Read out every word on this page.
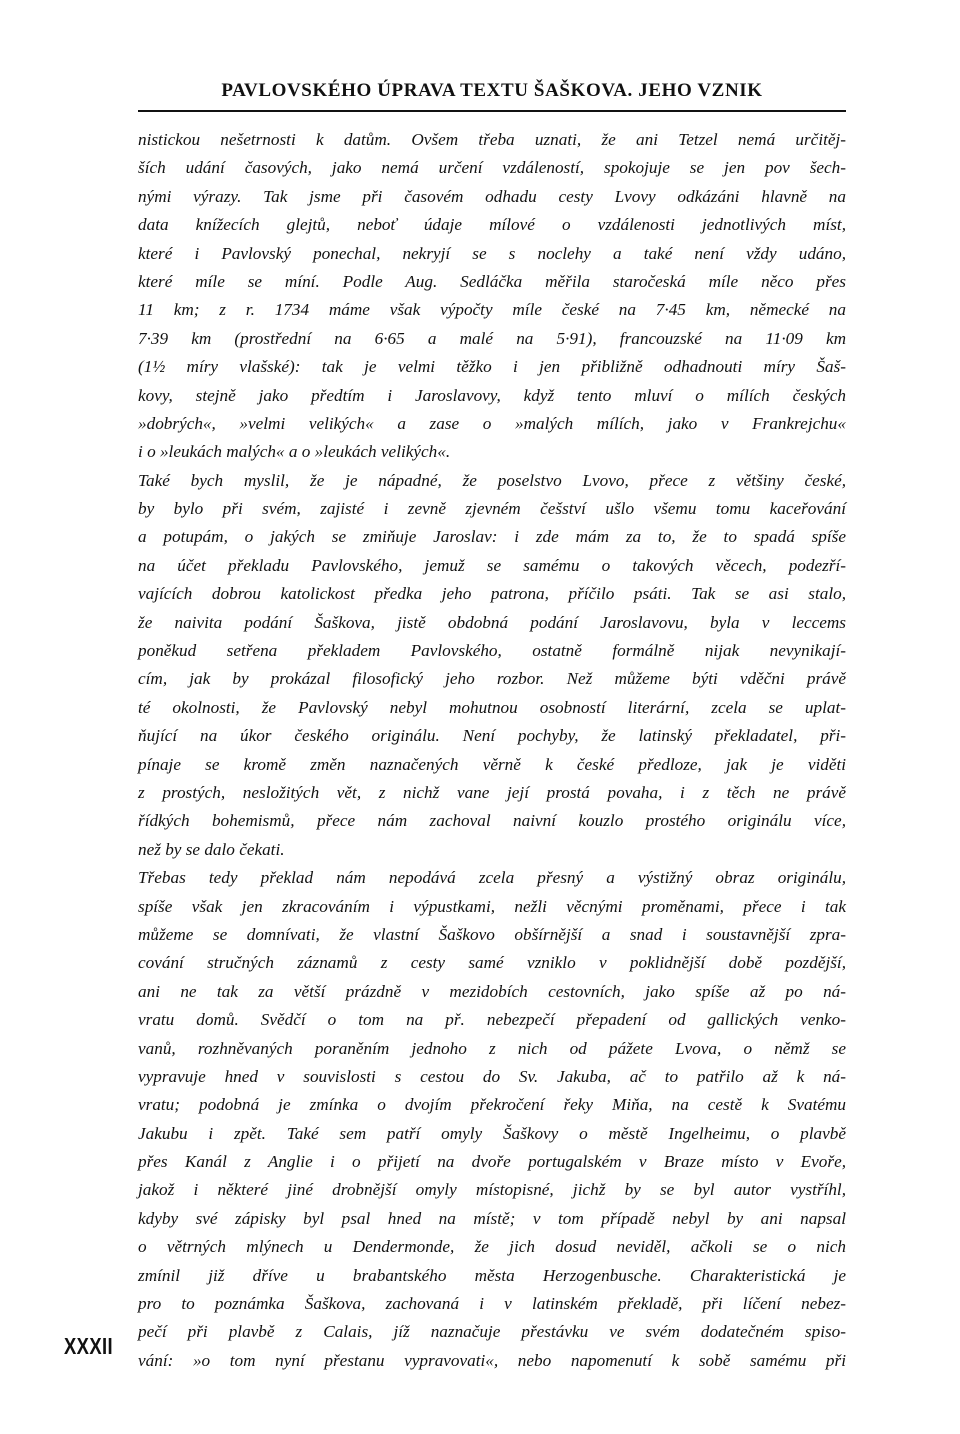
PAVLOVSKÉHO ÚPRAVA TEXTU ŠAŠKOVA. JEHO VZNIK
nistickou nešetrnosti k datům. Ovšem třeba uznati, že ani Tetzel nemá určitěj-
ších udání časových, jako nemá určení vzdáleností, spokojuje se jen pov šech-
nými výrazy. Tak jsme při časovém odhadu cesty Lvovy odkázáni hlavně na
data knížecích glejtů, neboť údaje mílové o vzdálenosti jednotlivých míst,
které i Pavlovský ponechal, nekryjí se s noclehy a také není vždy udáno,
které míle se míní. Podle Aug. Sedláčka měřila staročeská míle něco přes
11 km; z r. 1734 máme však výpočty míle české na 7·45 km, německé na
7·39 km (prostřední na 6·65 a malé na 5·91), francouzské na 11·09 km
(1½ míry vlašské): tak je velmi těžko i jen přibližně odhadnouti míry Šaš-
kovy, stejně jako předtím i Jaroslavovy, když tento mluví o mílích českých
»dobrých«, »velmi velikých« a zase o »malých mílích, jako v Frankrejchu«
i o »leukách malých« a o »leukách velikých«.
Také bych myslil, že je nápadné, že poselstvo Lvovo, přece z většiny české,
by bylo při svém, zajisté i zevně zjevném češství ušlo všemu tomu kaceřování
a potupám, o jakých se zmiňuje Jaroslav: i zde mám za to, že to spadá spíše
na účet překladu Pavlovského, jemuž se samému o takových věcech, podezří-
vajících dobrou katolickost předka jeho patrona, příčilo psáti. Tak se asi stalo,
že naivita podání Šaškova, jistě obdobná podání Jaroslavovu, byla v leccems
poněkud setřena překladem Pavlovského, ostatně formálně nijak nevynikají-
cím, jak by prokázal filosofický jeho rozbor. Než můžeme býti vděčni právě
té okolnosti, že Pavlovský nebyl mohutnou osobností literární, zcela se uplat-
ňující na úkor českého originálu. Není pochyby, že latinský překladatel, při-
pínaje se kromě změn naznačených věrně k české předloze, jak je viděti
z prostých, nesložitých vět, z nichž vane její prostá povaha, i z těch ne právě
řídkých bohemismů, přece nám zachoval naivní kouzlo prostého originálu více,
než by se dalo čekati.
Třebas tedy překlad nám nepodává zcela přesný a výstižný obraz originálu,
spíše však jen zkracováním i výpustkami, nežli věcnými proměnami, přece i tak
můžeme se domnívati, že vlastní Šaškovo obšírnější a snad i soustavnější zpra-
cování stručných záznamů z cesty samé vzniklo v poklidnější době pozdější,
ani ne tak za větší prázdně v mezidobích cestovních, jako spíše až po ná-
vratu domů. Svědčí o tom na př. nebezpečí přepadení od gallických venko-
vanů, rozhněvaných poraněním jednoho z nich od pážete Lvova, o němž se
vypravuje hned v souvislosti s cestou do Sv. Jakuba, ač to patřilo až k ná-
vratu; podobná je zmínka o dvojím překročení řeky Miňa, na cestě k Svatému
Jakubu i zpět. Také sem patří omyly Šaškovy o městě Ingelheimu, o plavbě
přes Kanál z Anglie i o přijetí na dvoře portugalském v Braze místo v Evoře,
jakož i některé jiné drobnější omyly místopisné, jichž by se byl autor vystříhl,
kdyby své zápisky byl psal hned na místě; v tom případě nebyl by ani napsal
o větrných mlýnech u Dendermonde, že jich dosud neviděl, ačkoli se o nich
zmínil již dříve u brabantského města Herzogenbusche. Charakteristická je
pro to poznámka Šaškova, zachovaná i v latinském překladě, při líčení nebez-
pečí při plavbě z Calais, jíž naznačuje přestávku ve svém dodatečném spiso-
vání: »o tom nyní přestanu vypravovati«, nebo napomenutí k sobě samému při
XXXII
